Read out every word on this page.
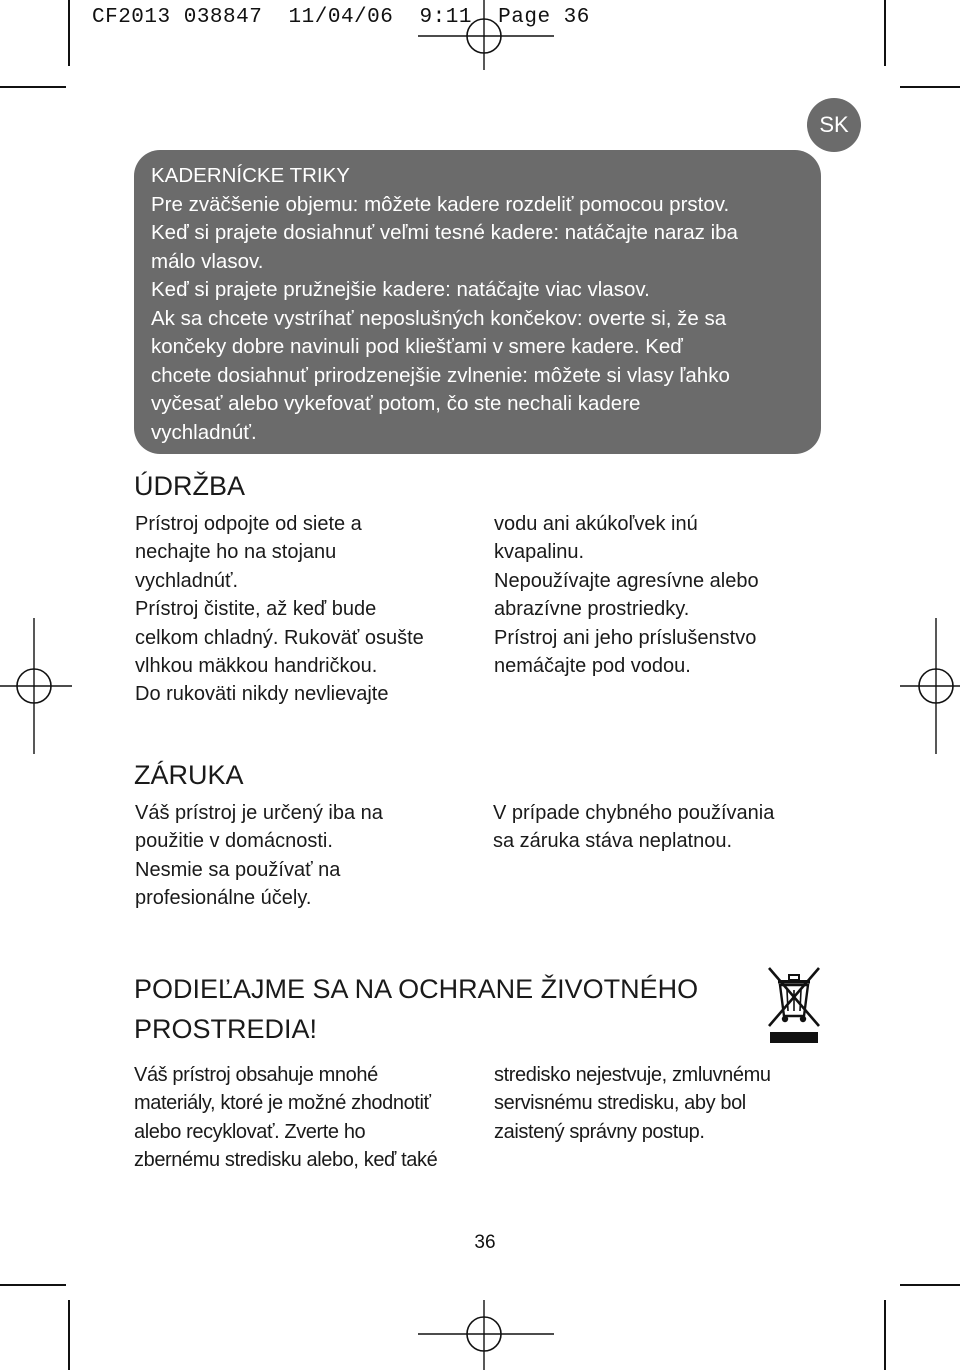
CF2013 038847  11/04/06  9:11  Page 36
SK

KADERNÍCKE TRIKY

Pre zväčšenie objemu: môžete kadere rozdeliť pomocou prstov.

Keď si prajete dosiahnuť veľmi tesné kadere: natáčajte naraz iba

málo vlasov.

Keď si prajete pružnejšie kadere: natáčajte viac vlasov.

Ak sa chcete vystríhať neposlušných končekov: overte si, že sa

končeky dobre navinuli pod kliešťami v smere kadere. Keď

chcete dosiahnuť prirodzenejšie zvlnenie: môžete si vlasy ľahko

vyčesať alebo vykefovať potom, čo ste nechali kadere

vychladnúť.

ÚDRŽBA

Prístroj odpojte od siete a

nechajte ho na stojanu

vychladnúť.

Prístroj čistite, až keď bude

celkom chladný. Rukoväť osušte

vlhkou mäkkou handričkou.

Do rukoväti nikdy nevlievajte

vodu ani akúkoľvek inú

kvapalinu.

Nepoužívajte agresívne alebo

abrazívne prostriedky.

Prístroj ani jeho príslušenstvo

nemáčajte pod vodou.

ZÁRUKA

Váš prístroj je určený iba na

použitie v domácnosti.

Nesmie sa používať na

profesionálne účely.

V prípade chybného používania

sa záruka stáva neplatnou.

PODIEĽAJME SA NA OCHRANE ŽIVOTNÉHO
PROSTREDIA!

Váš prístroj obsahuje mnohé

materiály, ktoré je možné zhodnotiť

alebo recyklovať. Zverte ho

zbernému stredisku alebo, keď také

stredisko nejestvuje, zmluvnému

servisnému stredisku, aby bol

zaistený správny postup.

36
